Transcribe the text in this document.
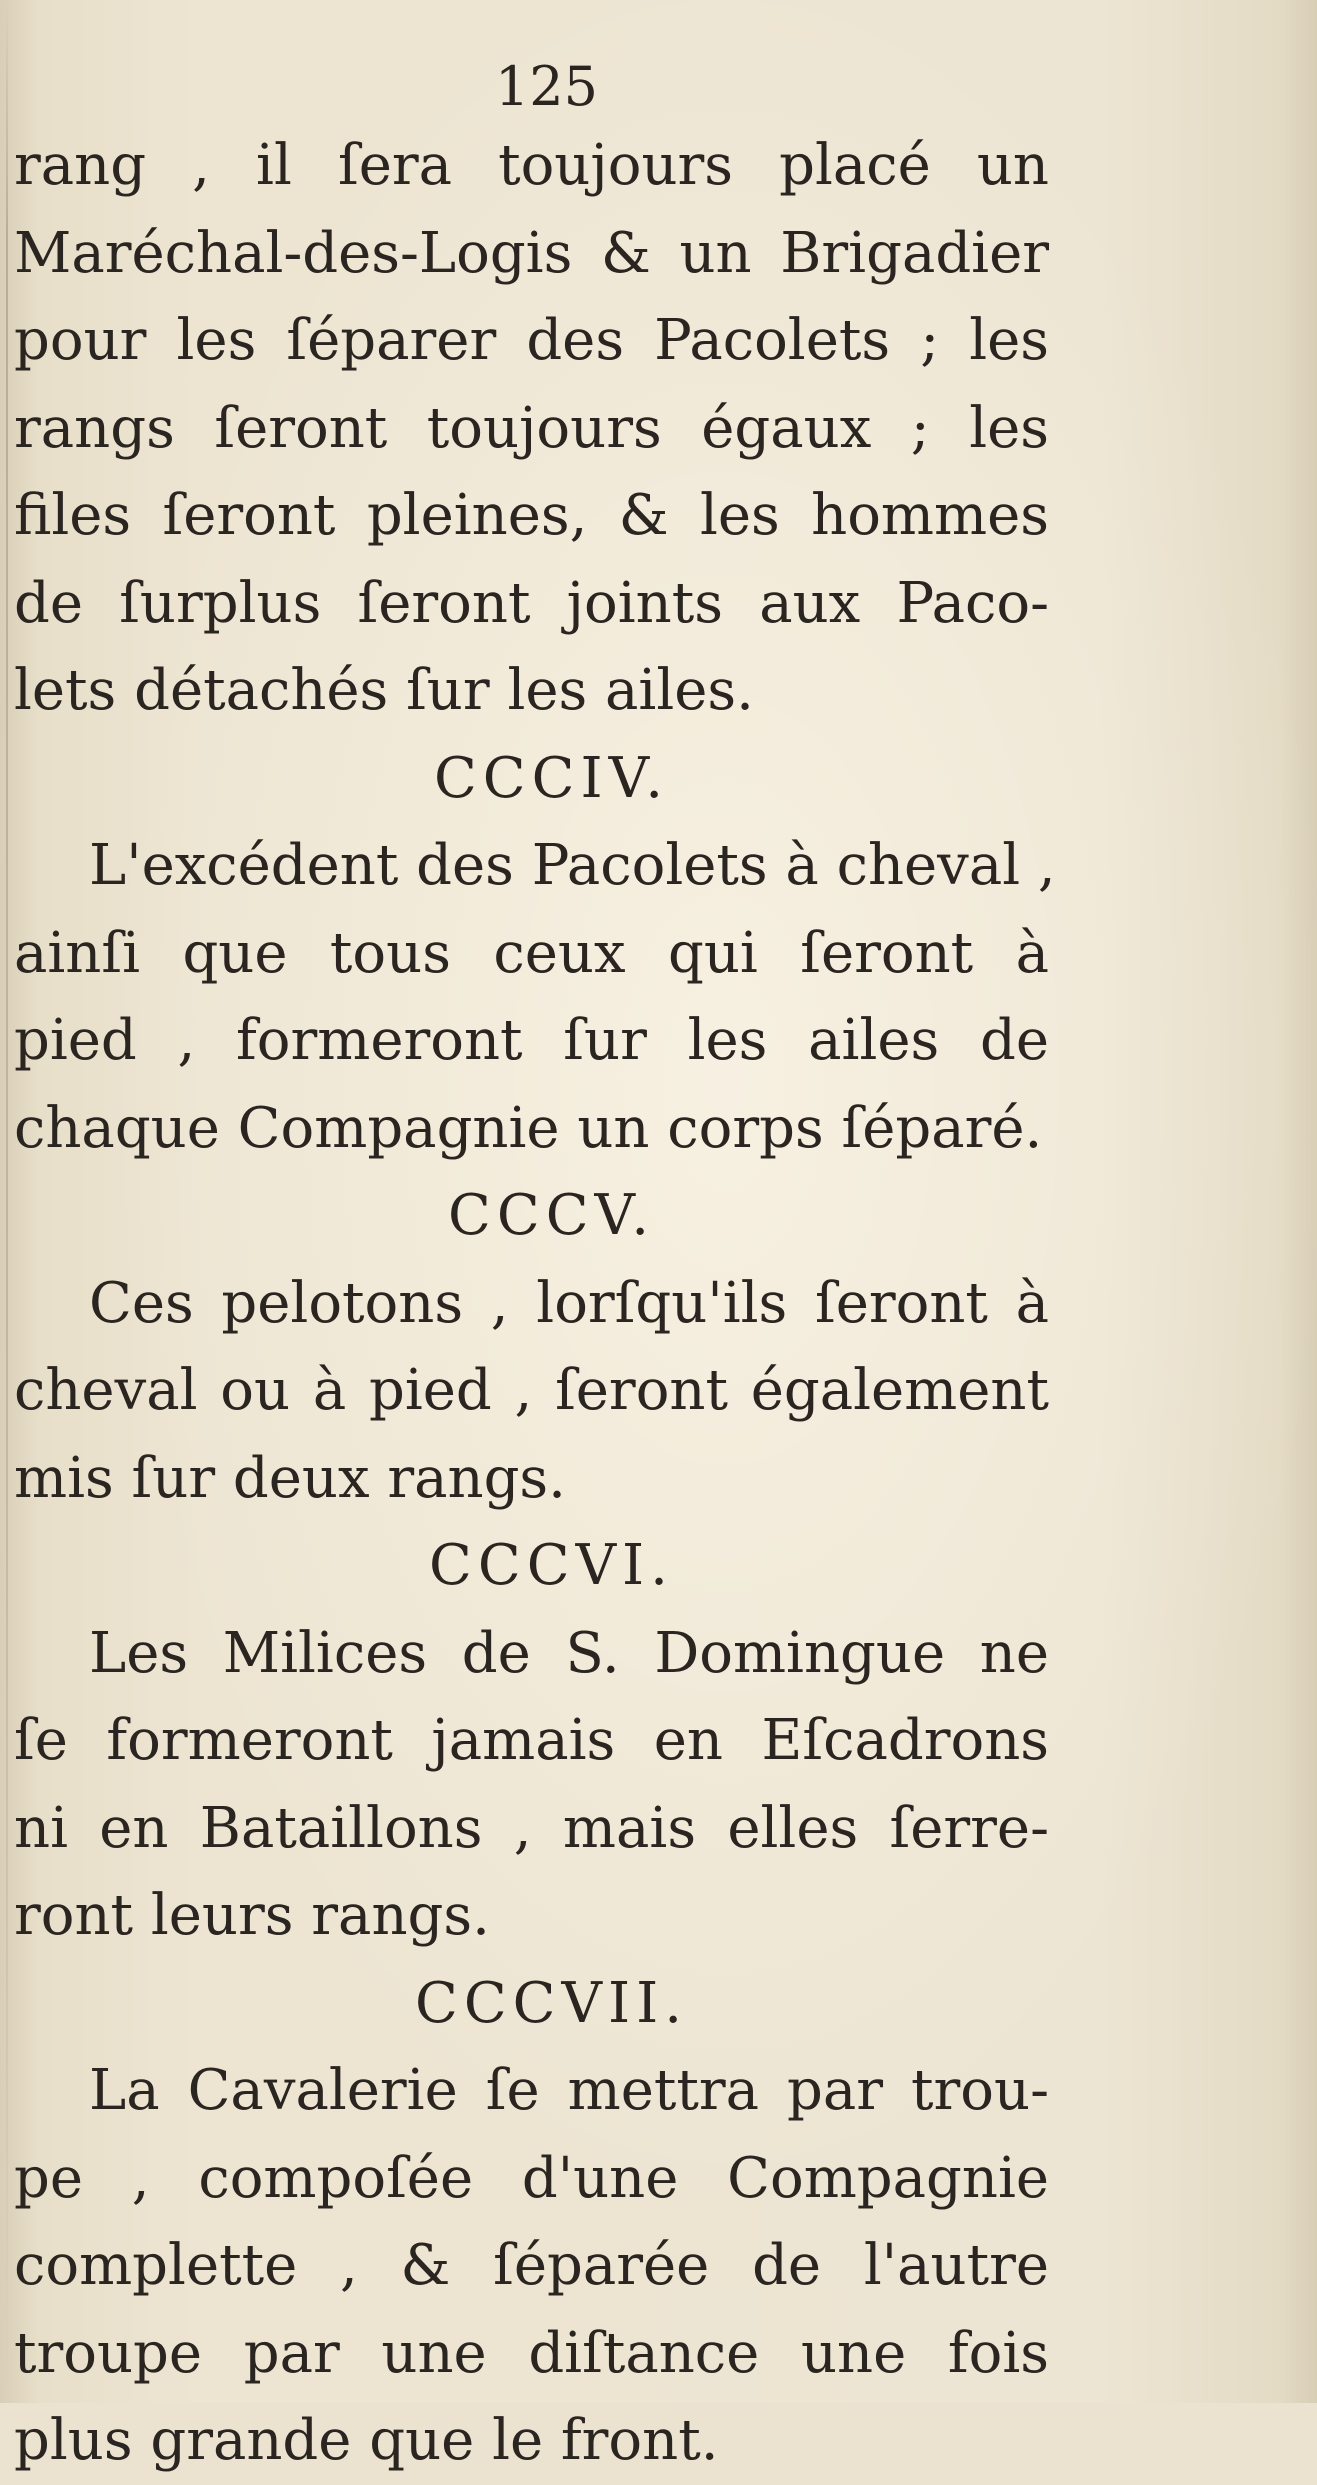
125
rang , il ſera toujours placé un
Maréchal-des-Logis & un Brigadier
pour les ſéparer des Pacolets ; les
rangs ſeront toujours égaux ; les
files ſeront pleines, & les hommes
de ſurplus ſeront joints aux Paco-
lets détachés ſur les ailes.
CCCIV.
L'excédent des Pacolets à cheval ,
ainſi que tous ceux qui ſeront à
pied , formeront ſur les ailes de
chaque Compagnie un corps ſéparé.
CCCV.
Ces pelotons , lorſqu'ils ſeront à
cheval ou à pied , ſeront également
mis ſur deux rangs.
CCCVI.
Les Milices de S. Domingue ne
ſe formeront jamais en Eſcadrons
ni en Bataillons , mais elles ſerre-
ront leurs rangs.
CCCVII.
La Cavalerie ſe mettra par trou-
pe , compoſée d'une Compagnie
complette , & ſéparée de l'autre
troupe par une diſtance une fois
plus grande que le front.
